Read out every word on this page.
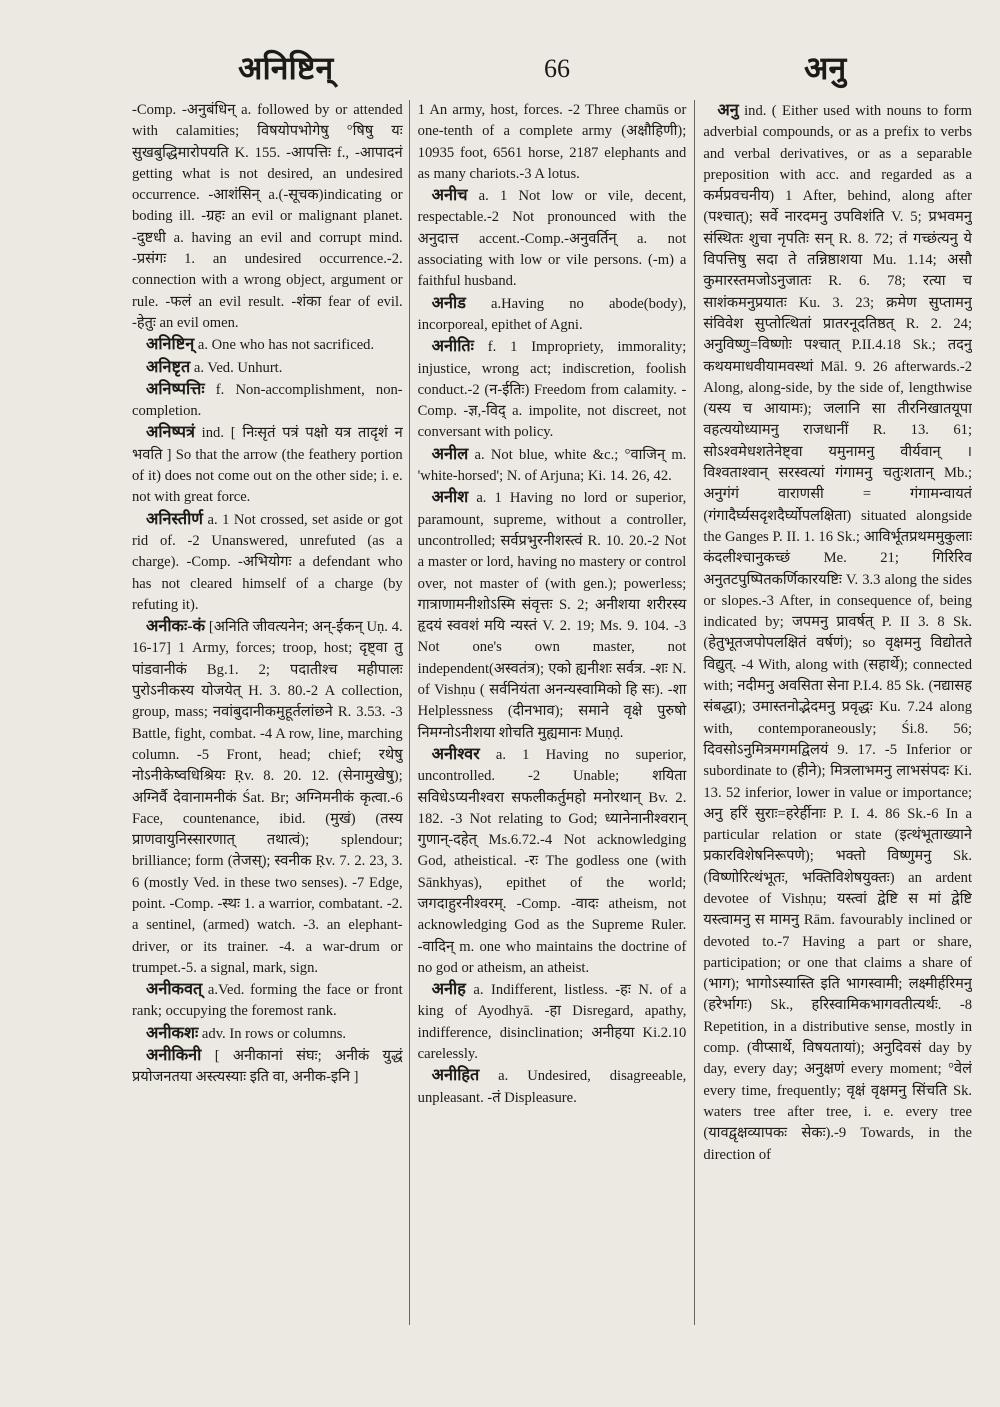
अनिष्टिन्	66	अनु

-Comp. -अनुबंधिन् a. followed by or attended with calamities; विषयोपभोगेषु °षिषु यः सुखबुद्धिमारोपयति K. 155. -आपत्तिः f., -आपादनं getting what is not desired, an undesired occurrence. -आशंसिन् a.(-सूचक)indicating or boding ill. -ग्रहः an evil or malignant planet. -दुष्टधी a. having an evil and corrupt mind. -प्रसंगः 1. an undesired occurrence.-2. connection with a wrong object, argument or rule. -फलं an evil result. -शंका fear of evil. -हेतुः an evil omen.

अनिष्टिन् a. One who has not sacrificed.

अनिष्टृत a. Ved. Unhurt.

अनिष्पत्तिः f. Non-accomplishment, non-completion.

अनिष्पत्रं ind. [ निःसृतं पत्रं पक्षो यत्र तादृशं न भवति ] So that the arrow (the feathery portion of it) does not come out on the other side; i. e. not with great force.

अनिस्तीर्ण a. 1 Not crossed, set aside or got rid of. -2 Unanswered, unrefuted (as a charge). -Comp. -अभियोगः a defendant who has not cleared himself of a charge (by refuting it).

अनीकः-कं [अनिति जीवत्यनेन; अन्-ईकन् Uṇ. 4. 16-17] 1 Army, forces; troop, host; दृष्ट्वा तु पांडवानीकं Bg.1. 2; पदातीश्च महीपालः पुरोऽनीकस्य योजयेत् H. 3. 80.-2 A collection, group, mass; नवांबुदानीकमुहूर्तलांछने R. 3.53. -3 Battle, fight, combat. -4 A row, line, marching column. -5 Front, head; chief; रथेषु नोऽनीकेष्वधिश्रियः Ṛv. 8. 20. 12. (सेनामुखेषु); अग्निर्वै देवानामनीकं Śat. Br; अग्निमनीकं कृत्वा.-6 Face, countenance, ibid. (मुखं) (तस्य प्राणवायुनिस्सारणात् तथात्वं); splendour; brilliance; form (तेजस्); स्वनीक Ṛv. 7. 2. 23, 3. 6 (mostly Ved. in these two senses). -7 Edge, point. -Comp. -स्थः 1. a warrior, combatant. -2. a sentinel, (armed) watch. -3. an elephant-driver, or its trainer. -4. a war-drum or trumpet.-5. a signal, mark, sign.

अनीकवत् a.Ved. forming the face or front rank; occupying the foremost rank.

अनीकशः adv. In rows or columns.

अनीकिनी [ अनीकानां संघः; अनीकं युद्धं प्रयोजनतया अस्त्यस्याः इति वा, अनीक-इनि ]

1 An army, host, forces. -2 Three chamūs or one-tenth of a complete army (अक्षौहिणी); 10935 foot, 6561 horse, 2187 elephants and as many chariots.-3 A lotus.

अनीच a. 1 Not low or vile, decent, respectable.-2 Not pronounced with the अनुदात्त accent.-Comp.-अनुवर्तिन् a. not associating with low or vile persons. (-m) a faithful husband.

अनीड a.Having no abode(body), incorporeal, epithet of Agni.

अनीतिः f. 1 Impropriety, immorality; injustice, wrong act; indiscretion, foolish conduct.-2 (न-ईतिः) Freedom from calamity. -Comp. -ज्ञ,-विद् a. impolite, not discreet, not conversant with policy.

अनील a. Not blue, white &c.; °वाजिन् m. 'white-horsed'; N. of Arjuna; Ki. 14. 26, 42.

अनीश a. 1 Having no lord or superior, paramount, supreme, without a controller, uncontrolled; सर्वप्रभुरनीशस्त्वं R. 10. 20.-2 Not a master or lord, having no mastery or control over, not master of (with gen.); powerless; गात्राणामनीशोऽस्मि संवृत्तः S. 2; अनीशया शरीरस्य हृदयं स्ववशं मयि न्यस्तं V. 2. 19; Ms. 9. 104. -3 Not one's own master, not independent(अस्वतंत्र); एको ह्यनीशः सर्वत्र. -शः N. of Vishṇu ( सर्वनियंता अनन्यस्वामिको हि सः). -शा Helplessness (दीनभाव); समाने वृक्षे पुरुषो निमग्नोऽनीशया शोचति मुह्यमानः Muṇḍ.

अनीश्वर a. 1 Having no superior, uncontrolled. -2 Unable; शयिता सविधेऽप्यनीश्वरा सफलीकर्तुमहो मनोरथान् Bv. 2. 182. -3 Not relating to God; ध्यानेनानीश्वरान् गुणान्-दहेत् Ms.6.72.-4 Not acknowledging God, atheistical. -रः The godless one (with Sānkhyas), epithet of the world; जगदाहुरनीश्वरम्. -Comp. -वादः atheism, not acknowledging God as the Supreme Ruler. -वादिन् m. one who maintains the doctrine of no god or atheism, an atheist.

अनीह a. Indifferent, listless. -हः N. of a king of Ayodhyā. -हा Disregard, apathy, indifference, disinclination; अनीहया Ki.2.10 carelessly.

अनीहित a. Undesired, disagreeable, unpleasant. -तं Displeasure.

अनु ind. ( Either used with nouns to form adverbial compounds, or as a prefix to verbs and verbal derivatives, or as a separable preposition with acc. and regarded as a कर्मप्रवचनीय) 1 After, behind, along after (पश्चात्); सर्वे नारदमनु उपविशंति V. 5; प्रभवमनु संस्थितः शुचा नृपतिः सन् R. 8. 72; तं गच्छंत्यनु ये विपत्तिषु सदा ते तन्निष्ठाशया Mu. 1.14; असौ कुमारस्तमजोऽनुजातः R. 6. 78; रत्या च साशंकमनुप्रयातः Ku. 3. 23; क्रमेण सुप्तामनु संविवेश सुप्तोत्थितां प्रातरनूदतिष्ठत् R. 2. 24; अनुविष्णु=विष्णोः पश्चात् P.II.4.18 Sk.; तदनु कथयमाधवीयामवस्थां Māl. 9. 26 afterwards.-2 Along, along-side, by the side of, lengthwise (यस्य च आयामः); जलानि सा तीरनिखातयूपा वहत्ययोध्यामनु राजधानीं R. 13. 61; सोऽश्वमेधशतेनेष्ट्वा यमुनामनु वीर्यवान् । विश्वताश्वान् सरस्वत्यां गंगामनु चतुःशतान् Mb.; अनुगंगं वाराणसी = गंगामन्वायतं (गंगादैर्घ्यसदृशदैर्घ्योपलक्षिता) situated alongside the Ganges P. II. 1. 16 Sk.; आविर्भूतप्रथममुकुलाः कंदलीश्चानुकच्छं Me. 21; गिरिरिव अनुतटपुष्पितकर्णिकारयष्टिः V. 3.3 along the sides or slopes.-3 After, in consequence of, being indicated by; जपमनु प्रावर्षत् P. II 3. 8 Sk. (हेतुभूतजपोपलक्षितं वर्षणं); so वृक्षमनु विद्योतते विद्युत्. -4 With, along with (सहार्थे); connected with; नदीमनु अवसिता सेना P.I.4. 85 Sk. (नद्यासह संबद्धा); उमास्तनोद्भेदमनु प्रवृद्धः Ku. 7.24 along with, contemporaneously; Śi.8. 56; दिवसोऽनुमित्रमगमद्विलयं 9. 17. -5 Inferior or subordinate to (हीने); मित्रलाभमनु लाभसंपदः Ki. 13. 52 inferior, lower in value or importance; अनु हरिं सुराः=हरेर्हीनाः P. I. 4. 86 Sk.-6 In a particular relation or state (इत्थंभूताख्याने प्रकारविशेषनिरूपणे); भक्तो विष्णुमनु Sk. (विष्णोरित्थंभूतः, भक्तिविशेषयुक्तः) an ardent devotee of Vishṇu; यस्त्वां द्वेष्टि स मां द्वेष्टि यस्त्वामनु स मामनु Rām. favourably inclined or devoted to.-7 Having a part or share, participation; or one that claims a share of (भाग); भागोऽस्यास्ति इति भागस्वामी; लक्ष्मीर्हरिमनु (हरेर्भागः) Sk., हरिस्वामिकभागवतीत्यर्थः. -8 Repetition, in a distributive sense, mostly in comp. (वीप्सार्थे, विषयतायां); अनुदिवसं day by day, every day; अनुक्षणं every moment; °वेलं every time, frequently; वृक्षं वृक्षमनु सिंचति Sk. waters tree after tree, i. e. every tree (यावद्वृक्षव्यापकः सेकः).-9 Towards, in the direction of
